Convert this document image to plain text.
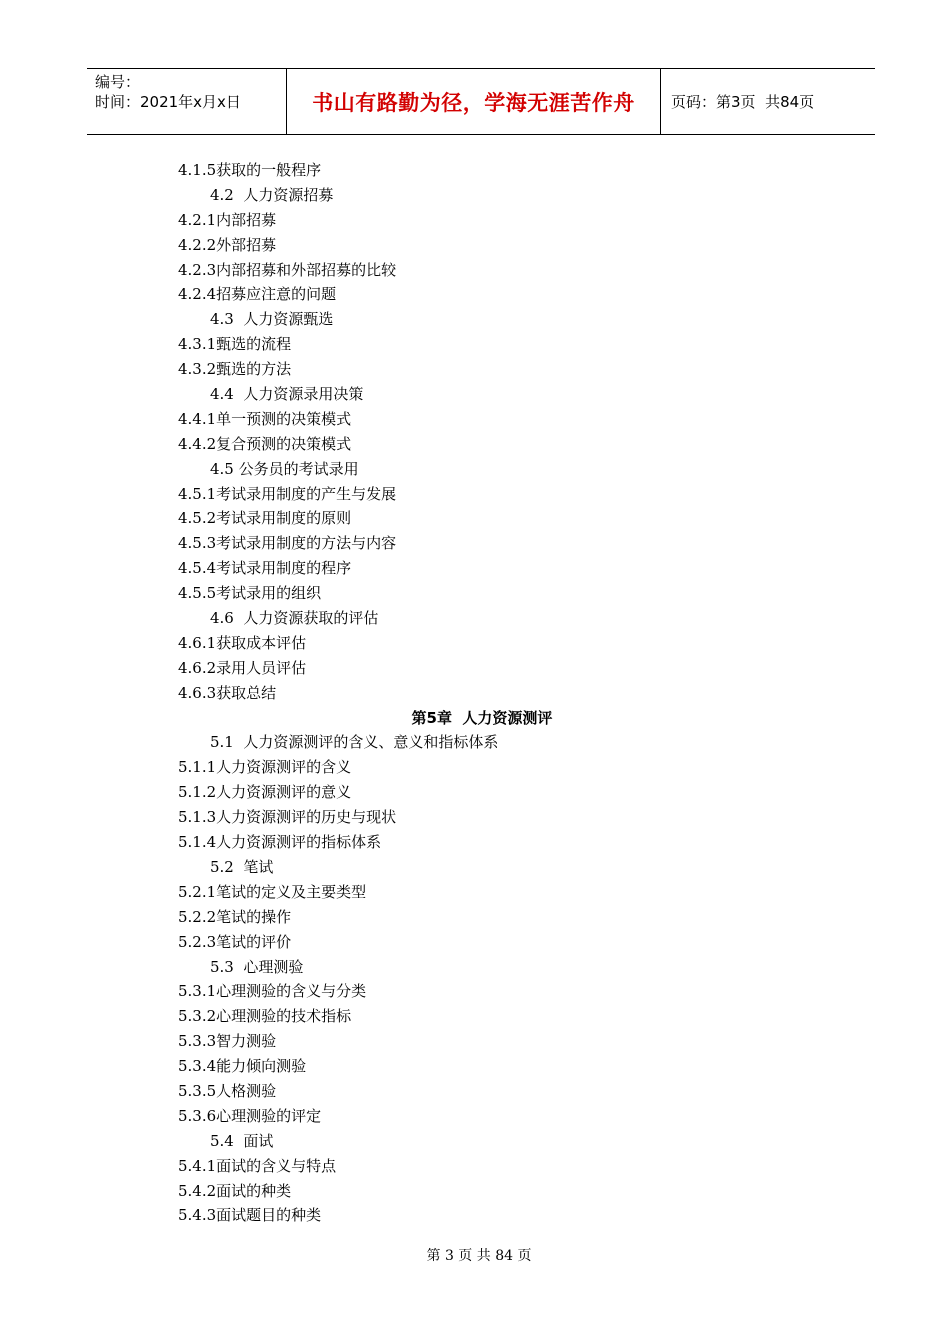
编号：
时间：2021年x月x日	书山有路勤为径，学海无涯苦作舟	页码：第3页  共84页
4.1.5获取的一般程序
4.2  人力资源招募
4.2.1内部招募
4.2.2外部招募
4.2.3内部招募和外部招募的比较
4.2.4招募应注意的问题
4.3  人力资源甄选
4.3.1甄选的流程
4.3.2甄选的方法
4.4  人力资源录用决策
4.4.1单一预测的决策模式
4.4.2复合预测的决策模式
4.5 公务员的考试录用
4.5.1考试录用制度的产生与发展
4.5.2考试录用制度的原则
4.5.3考试录用制度的方法与内容
4.5.4考试录用制度的程序
4.5.5考试录用的组织
4.6  人力资源获取的评估
4.6.1获取成本评估
4.6.2录用人员评估
4.6.3获取总结
第5章  人力资源测评
5.1  人力资源测评的含义、意义和指标体系
5.1.1人力资源测评的含义
5.1.2人力资源测评的意义
5.1.3人力资源测评的历史与现状
5.1.4人力资源测评的指标体系
5.2  笔试
5.2.1笔试的定义及主要类型
5.2.2笔试的操作
5.2.3笔试的评价
5.3  心理测验
5.3.1心理测验的含义与分类
5.3.2心理测验的技术指标
5.3.3智力测验
5.3.4能力倾向测验
5.3.5人格测验
5.3.6心理测验的评定
5.4  面试
5.4.1面试的含义与特点
5.4.2面试的种类
5.4.3面试题目的种类
第 3 页 共 84 页
